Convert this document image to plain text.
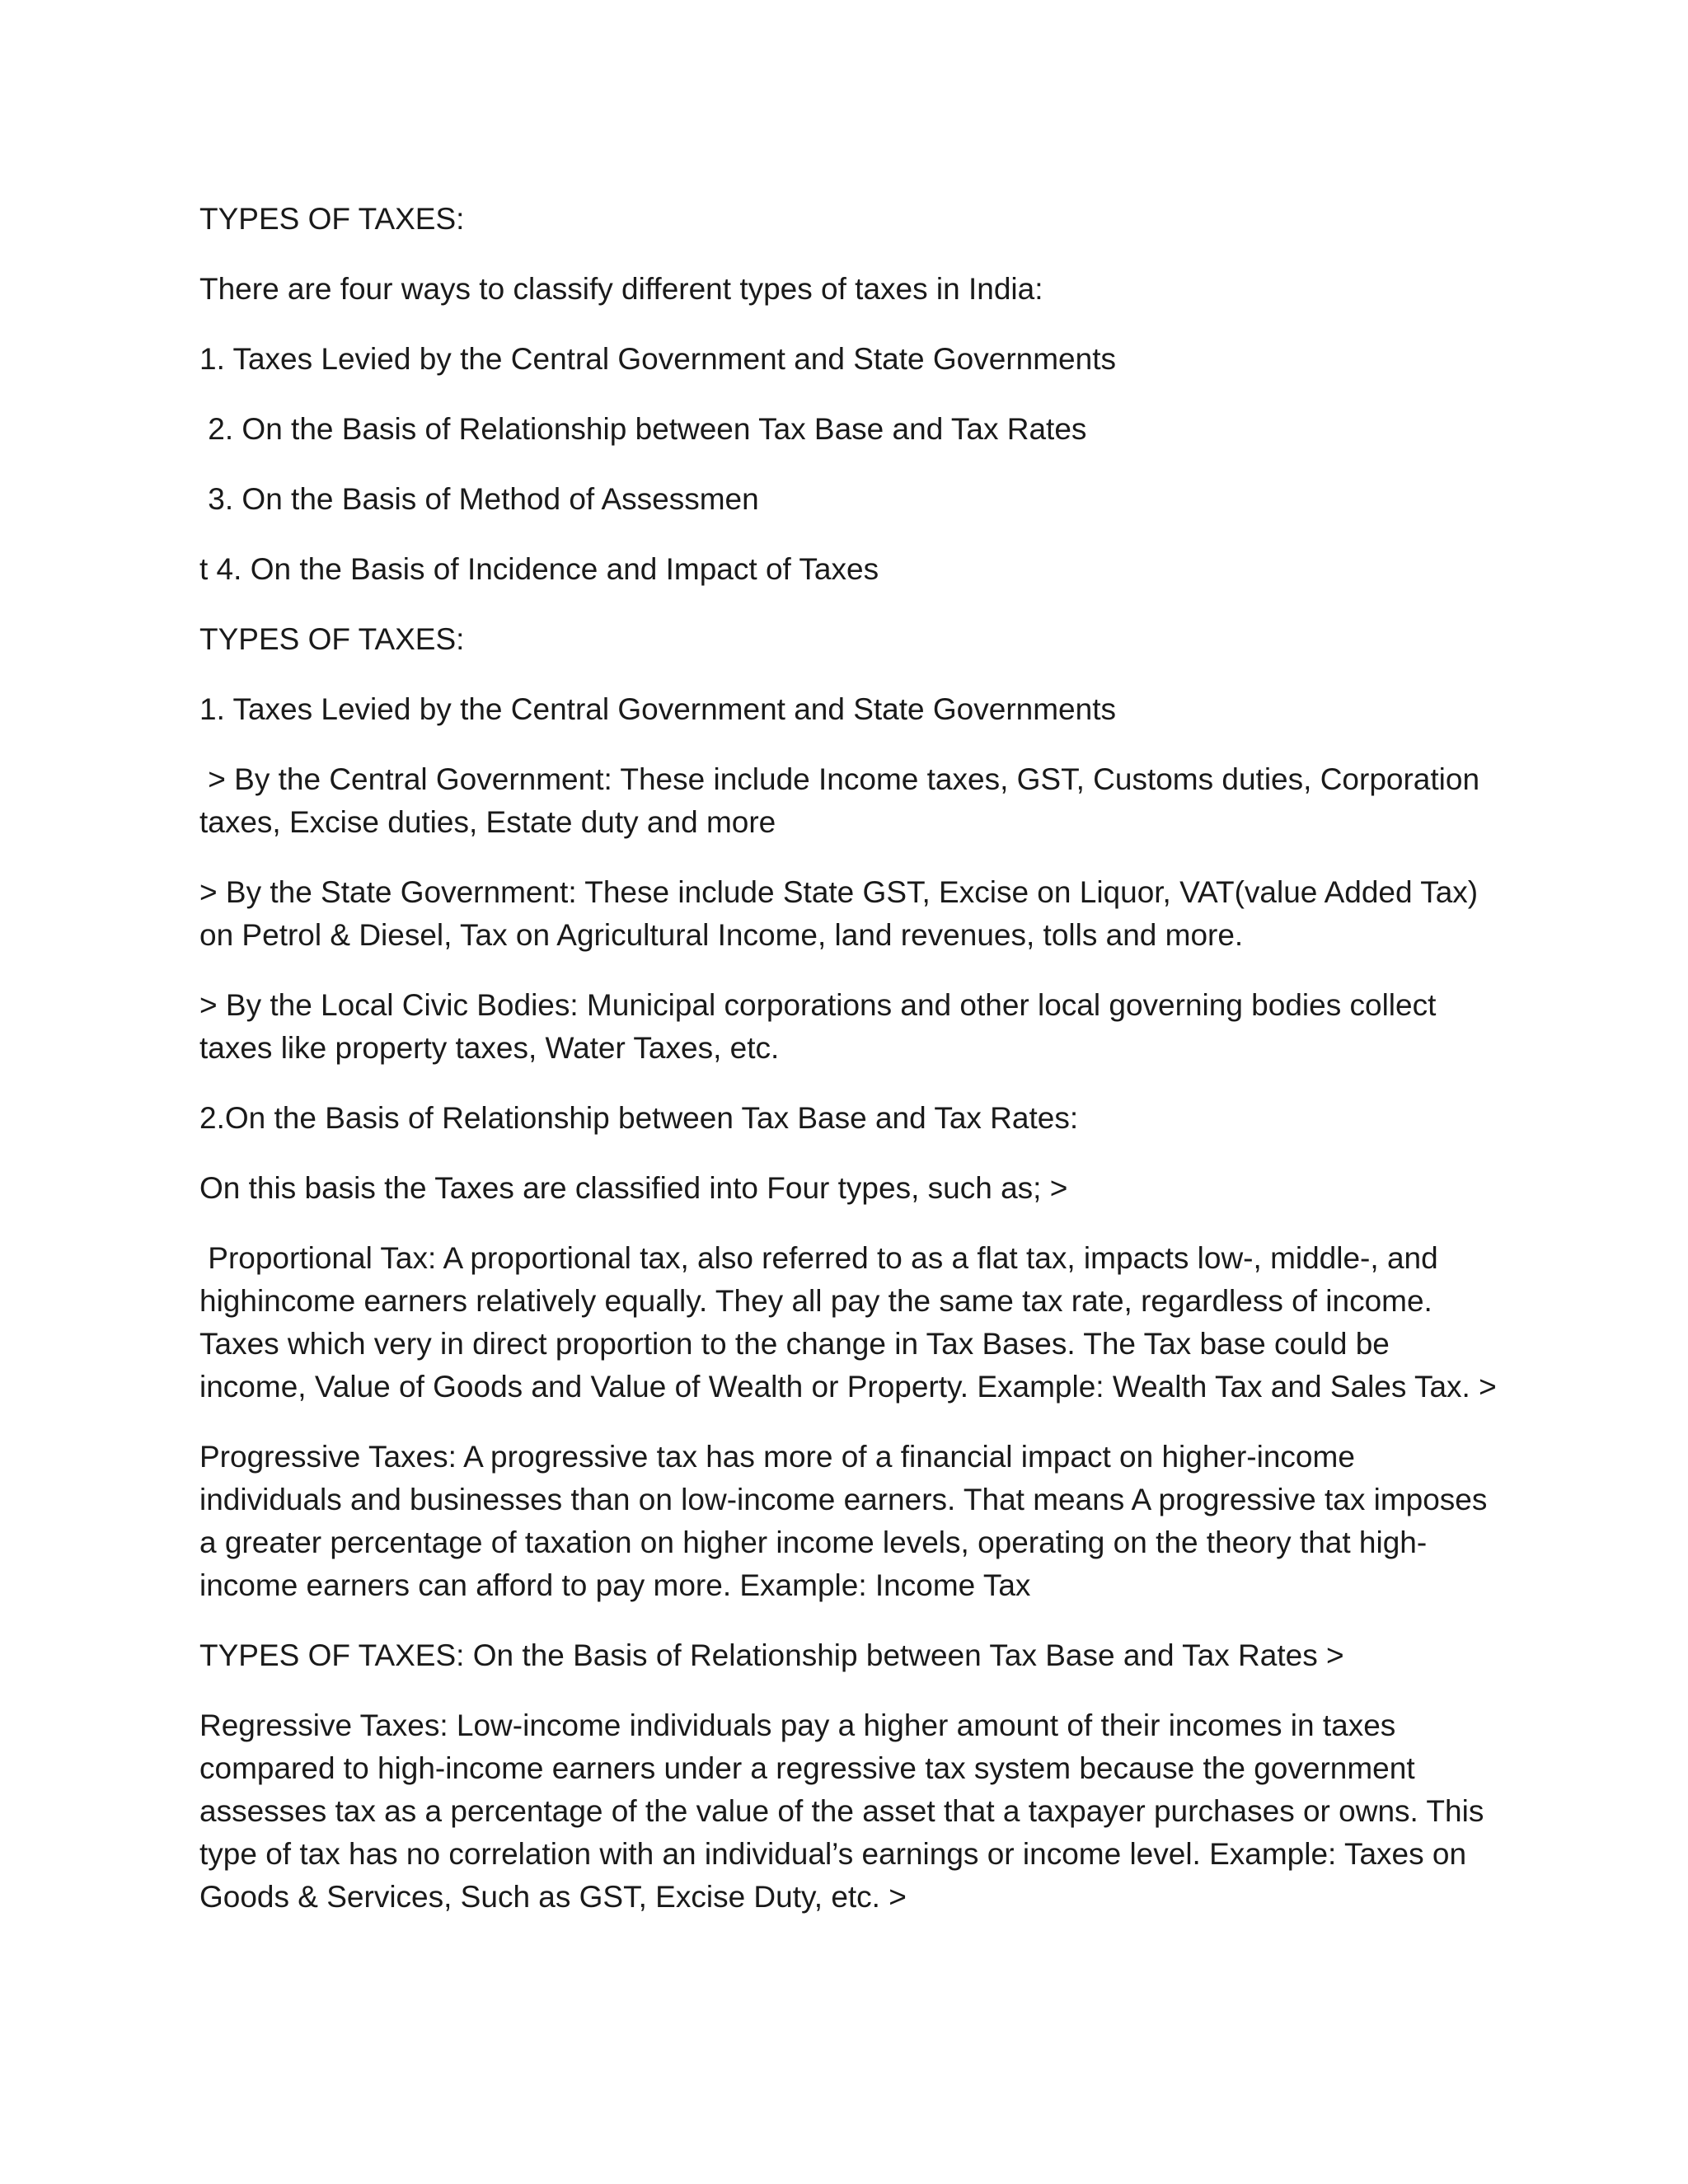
TYPES OF TAXES:

There are four ways to classify different types of taxes in India:

1. Taxes Levied by the Central Government and State Governments

2. On the Basis of Relationship between Tax Base and Tax Rates

3. On the Basis of Method of Assessmen

t 4. On the Basis of Incidence and Impact of Taxes

TYPES OF TAXES:

1. Taxes Levied by the Central Government and State Governments

> By the Central Government: These include Income taxes, GST, Customs duties, Corporation taxes, Excise duties, Estate duty and more

> By the State Government: These include State GST, Excise on Liquor, VAT(value Added Tax) on Petrol & Diesel, Tax on Agricultural Income, land revenues, tolls and more.

> By the Local Civic Bodies: Municipal corporations and other local governing bodies collect taxes like property taxes, Water Taxes, etc.

2.On the Basis of Relationship between Tax Base and Tax Rates:

On this basis the Taxes are classified into Four types, such as; >

Proportional Tax: A proportional tax, also referred to as a flat tax, impacts low-, middle-, and highincome earners relatively equally. They all pay the same tax rate, regardless of income. Taxes which very in direct proportion to the change in Tax Bases. The Tax base could be income, Value of Goods and Value of Wealth or Property. Example: Wealth Tax and Sales Tax. >

Progressive Taxes: A progressive tax has more of a financial impact on higher-income individuals and businesses than on low-income earners. That means A progressive tax imposes a greater percentage of taxation on higher income levels, operating on the theory that high-income earners can afford to pay more. Example: Income Tax

TYPES OF TAXES: On the Basis of Relationship between Tax Base and Tax Rates >

Regressive Taxes: Low-income individuals pay a higher amount of their incomes in taxes compared to high-income earners under a regressive tax system because the government assesses tax as a percentage of the value of the asset that a taxpayer purchases or owns. This type of tax has no correlation with an individual’s earnings or income level. Example: Taxes on Goods & Services, Such as GST, Excise Duty, etc. >
